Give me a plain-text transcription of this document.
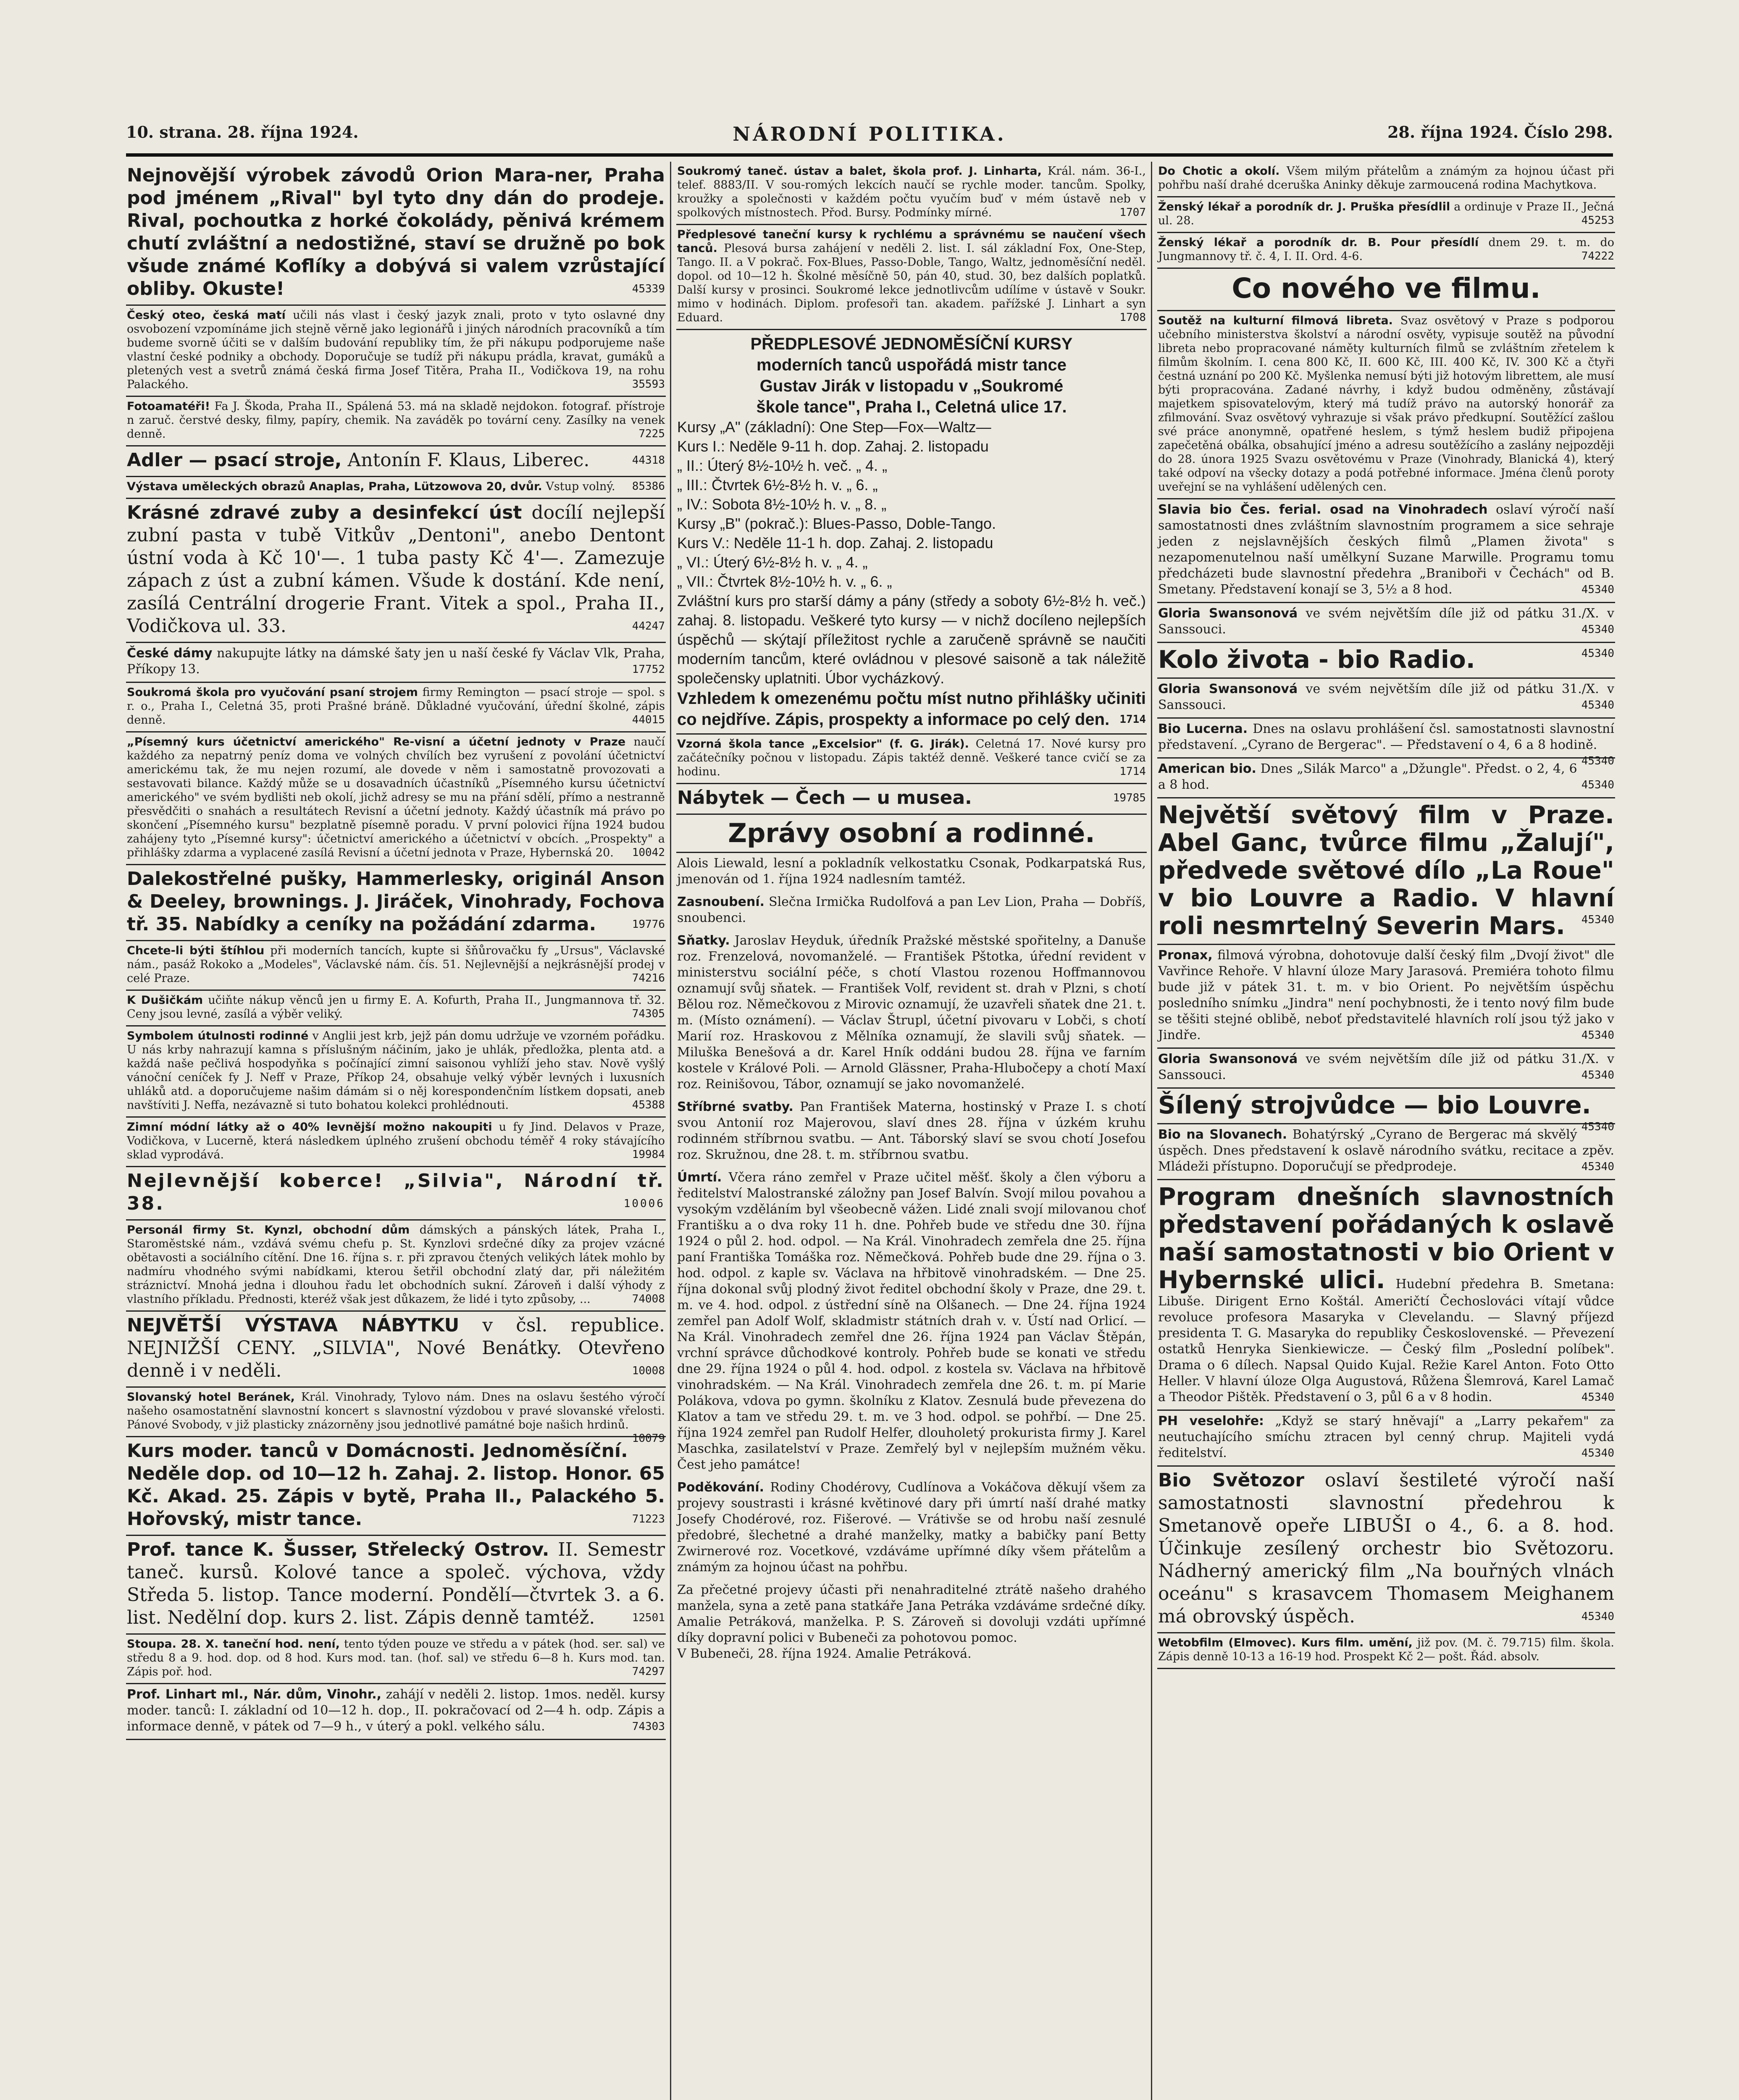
10. strana. 28. října 1924.	NÁRODNÍ POLITIKA.	28. října 1924. Číslo 298.
Nejnovější výrobek závodů Orion Mara-ner, Praha pod jménem „Rival" byl tyto dny dán do prodeje. Rival, pochoutka z horké čokolády, pěnivá krémem chutí zvláštní a nedostižné, staví se družně po bok všude známé Koflíky a dobývá si valem vzrůstající obliby. Okuste!	45339
Český oteo, česká matí učili nás vlast i český jazyk znali, proto v tyto oslavné dny osvobození vzpomínáme jich stejně věrně jako legionářů i jiných národních pracovníků a tím budeme svorně účiti se v dalším budování republiky tím, že při nákupu podporujeme naše vlastní české podniky a obchody. Doporučuje se tudíž při nákupu prádla, kravat, gumáků a pletených vest a svetrů známá česká firma Josef Titěra, Praha II., Vodičkova 19, na rohu Palackého.	35593
Fotoamatéři! Fa J. Škoda, Praha II., Spálená 53. má na skladě nejdokon. fotograf. přístroje n zaruč. čerstvé desky, filmy, papíry, chemik. Na zaváděk po tovární ceny. Zasílky na venek denně.	7225
Adler — psací stroje, Antonín F. Klaus, Liberec.	44318
Výstava uměleckých obrazů Anaplas, Praha, Lützowova 20, dvůr. Vstup volný.	85386
Krásné zdravé zuby a desinfekcí úst docílí nejlepší zubní pasta v tubě Vitkův „Dentoni", anebo Dentont ústní voda à Kč 10'—. 1 tuba pasty Kč 4'—. Zamezuje zápach z úst a zubní kámen. Všude k dostání. Kde není, zasílá Centrální drogerie Frant. Vitek a spol., Praha II., Vodičkova ul. 33.	44247
České dámy nakupujte látky na dámské šaty jen u naší české fy Václav Vlk, Praha, Příkopy 13.	17752
Soukromá škola pro vyučování psaní strojem firmy Remington — psací stroje — spol. s r. o., Praha I., Celetná 35, proti Prašné bráně. Důkladné vyučování, úřední školné, zápis denně.	44015
„Písemný kurs účetnictví amerického" Re-visní a účetní jednoty v Praze naučí každého za nepatrný peníz doma ve volných chvílích bez vyrušení z povolání účetnictví americkému tak, že mu nejen rozumí, ale dovede v něm i samostatně provozovati a sestavovati bilance. Každý může se u dosavadních účastníků „Písemného kursu účetnictví amerického" ve svém bydlišti neb okolí, jichž adresy se mu na přání sdělí, přímo a nestranně přesvědčiti o snahách a resultátech Revisní a účetní jednoty. Každý účastník má právo po skončení „Písemného kursu" bezplatně písemně poradu. V první polovici října 1924 budou zahájeny tyto „Písemné kursy": účetnictví amerického a účetnictví v obcích. „Prospekty" a přihlášky zdarma a vyplacené zasílá Revisní a účetní jednota v Praze, Hybernská 20.	10042
Dalekostřelné pušky, Hammerlesky, originál Anson & Deeley, brownings. J. Jiráček, Vinohrady, Fochova tř. 35. Nabídky a ceníky na požádání zdarma.	19776
Chcete-li býti štíhlou při moderních tancích, kupte si šňůrovačku fy „Ursus", Václavské nám., pasáž Rokoko a „Modeles", Václavské nám. čís. 51. Nejlevnější a nejkrásnější prodej v celé Praze.	74216
K Dušičkám učiňte nákup věnců jen u firmy E. A. Kofurth, Praha II., Jungmannova tř. 32. Ceny jsou levné, zasílá a výběr veliký.	74305
Symbolem útulnosti rodinné v Anglii jest krb, jejž pán domu udržuje ve vzorném pořádku. U nás krby nahrazují kamna s příslušným náčiním, jako je uhlák, předložka, plenta atd. a každá naše pečlivá hospodyňka s počínající zimní saisonou vyhlíží jeho stav. Nově vyšlý vánoční ceníček fy J. Neff v Praze, Příkop 24, obsahuje velký výběr levných i luxusních uhláků atd. a doporučujeme našim dámám si o něj korespondenčním lístkem dopsati, aneb navštíviti J. Neffa, nezávazně si tuto bohatou kolekci prohlédnouti.	45388
Zimní módní látky až o 40% levnější možno nakoupiti u fy Jind. Delavos v Praze, Vodičkova, v Lucerně, která následkem úplného zrušení obchodu téměř 4 roky stávajícího sklad vyprodává.	19984
Nejlevnější koberce! „Silvia", Národní tř. 38.	10006
Personál firmy St. Kynzl, obchodní dům dámských a pánských látek, Praha I., Staroměstské nám., vzdává svému chefu p. St. Kynzlovi srdečné díky za projev vzácné obětavosti a sociálního cítění. Dne 16. října s. r. při zpravou čtených velikých látek mohlo by nadmíru vhodného svými nabídkami, kterou šetřil obchodní zlatý dar, při náležitém stráznictví. Mnohá jedna i dlouhou řadu let obchodních sukní. Zároveň i další výhody z vlastního příkladu. Přednosti, kteréž však jest důkazem, že lidé i tyto způsoby, ...	74008
NEJVĚTŠÍ VÝSTAVA NÁBYTKU v čsl. republice. NEJNIŽŠÍ CENY. „SILVIA", Nové Benátky. Otevřeno denně i v neděli.	10008
Slovanský hotel Beránek, Král. Vinohrady, Tylovo nám. Dnes na oslavu šestého výročí našeho osamostatnění slavnostní koncert s slavnostní výzdobou v pravé slovanské vřelosti. Pánové Svobody, v již plasticky znázorněny jsou jednotlivé památné boje našich hrdinů.
10079
Kurs moder. tanců v Domácnosti. Jednoměsíční. Neděle dop. od 10—12 h. Zahaj. 2. listop. Honor. 65 Kč. Akad. 25. Zápis v bytě, Praha II., Palackého 5. Hořovský, mistr tance.	71223
Prof. tance K. Šusser, Střelecký Ostrov. II. Semestr taneč. kursů. Kolové tance a společ. výchova, vždy Středa 5. listop. Tance moderní. Pondělí—čtvrtek 3. a 6. list. Nedělní dop. kurs 2. list. Zápis denně tamtéž.	12501
Stoupa. 28. X. taneční hod. není, tento týden pouze ve středu a v pátek (hod. ser. sal) ve středu 8 a 9. hod. dop. od 8 hod. Kurs mod. tan. (hof. sal) ve středu 6—8 h. Kurs mod. tan. Zápis poř. hod.	74297
Prof. Linhart ml., Nár. dům, Vinohr., zahájí v neděli 2. listop. 1mos. neděl. kursy moder. tanců: I. základní od 10—12 h. dop., II. pokračovací od 2—4 h. odp. Zápis a informace denně, v pátek od 7—9 h., v úterý a pokl. velkého sálu.	74303
Soukromý taneč. ústav a balet, škola prof. J. Linharta, Král. nám. 36-I., telef. 8883/II. V sou-romých lekcích naučí se rychle moder. tancům. Spolky, kroužky a společnosti v každém počtu vyučím buď v mém ústavě neb v spolkových místnostech. Přod. Bursy. Podmínky mírné.	1707
Předplesové taneční kursy k rychlému a správnému se naučení všech tanců. Plesová bursa zahájení v neděli 2. list. I. sál základní Fox, One-Step, Tango. II. a V pokrač. Fox-Blues, Passo-Doble, Tango, Waltz, jednoměsíční neděl. dopol. od 10—12 h. Školné měsíčně 50, pán 40, stud. 30, bez dalších poplatků. Další kursy v prosinci. Soukromé lekce jednotlivcům udílíme v ústavě v Soukr. mimo v hodinách. Diplom. profesoři tan. akadem. pařížské J. Linhart a syn Eduard.	1708
PŘEDPLESOVÉ JEDNOMĚSÍČNÍ KURSY
moderních tanců uspořádá mistr tance
Gustav Jirák v listopadu v „Soukromé
škole tance", Praha I., Celetná ulice 17.
Kursy „A" (základní): One Step—Fox—Waltz—
Kurs I.: Neděle 9-11 h. dop. Zahaj. 2. listopadu
„ II.: Úterý 8½-10½ h. več. „ 4. „
„ III.: Čtvrtek 6½-8½ h. v. „ 6. „
„ IV.: Sobota 8½-10½ h. v. „ 8. „
Kursy „B" (pokrač.): Blues-Passo, Doble-Tango.
Kurs V.: Neděle 11-1 h. dop. Zahaj. 2. listopadu
„ VI.: Úterý 6½-8½ h. v. „ 4. „
„ VII.: Čtvrtek 8½-10½ h. v. „ 6. „
Zvláštní kurs pro starší dámy a pány (středy a soboty 6½-8½ h. več.) zahaj. 8. listopadu. Veškeré tyto kursy — v nichž docíleno nejlepších úspěchů — skýtají příležitost rychle a zaručeně správně se naučiti moderním tancům, které ovládnou v plesové saisoně a tak náležitě společensky uplatniti. Úbor vycházkový.
Vzhledem k omezenému počtu míst nutno přihlášky učiniti co nejdříve. Zápis, prospekty a informace po celý den. 1714
Vzorná škola tance „Excelsior" (f. G. Jirák). Celetná 17. Nové kursy pro začátečníky počnou v listopadu. Zápis taktéž denně. Veškeré tance cvičí se za hodinu.	1714
Nábytek — Čech — u musea.	19785
Zprávy osobní a rodinné.
Alois Liewald, lesní a pokladník velkostatku Csonak, Podkarpatská Rus, jmenován od 1. října 1924 nadlesním tamtéž.
Zasnoubení. Slečna Irmička Rudolfová a pan Lev Lion, Praha — Dobříš, snoubenci.
Sňatky. Jaroslav Heyduk, úředník Pražské městské spořitelny, a Danuše roz. Frenzelová, novomanželé. — František Pštotka, úřední revident v ministerstvu sociální péče, s chotí Vlastou rozenou Hoffmannovou oznamují svůj sňatek. — František Volf, revident st. drah v Plzni, s chotí Bělou roz. Němečkovou z Mirovic oznamují, že uzavřeli sňatek dne 21. t. m. (Místo oznámení). — Václav Štrupl, účetní pivovaru v Lobči, s chotí Marií roz. Hraskovou z Mělníka oznamují, že slavili svůj sňatek. — Miluška Benešová a dr. Karel Hník oddáni budou 28. října ve farním kostele v Králové Poli. — Arnold Glässner, Praha-Hlubočepy a chotí Maxí roz. Reinišovou, Tábor, oznamují se jako novomanželé.
Stříbrné svatby. Pan František Materna, hostinský v Praze I. s chotí svou Antonií roz Majerovou, slaví dnes 28. října v úzkém kruhu rodinném stříbrnou svatbu. — Ant. Táborský slaví se svou chotí Josefou roz. Skružnou, dne 28. t. m. stříbrnou svatbu.
Úmrtí. Včera ráno zemřel v Praze učitel měšť. školy a člen výboru a ředitelství Malostranské záložny pan Josef Balvín. Svojí milou povahou a vysokým vzděláním byl všeobecně vážen. Lidé znali svojí milovanou choť Františku a o dva roky 11 h. dne. Pohřeb bude ve středu dne 30. října 1924 o půl 2. hod. odpol. — Na Král. Vinohradech zemřela dne 25. října paní Františka Tomáška roz. Němečková. Pohřeb bude dne 29. října o 3. hod. odpol. z kaple sv. Václava na hřbitově vinohradském. — Dne 25. října dokonal svůj plodný život ředitel obchodní školy v Praze, dne 29. t. m. ve 4. hod. odpol. z ústřední síně na Olšanech. — Dne 24. října 1924 zemřel pan Adolf Wolf, skladmistr státních drah v. v. Ústí nad Orlicí. — Na Král. Vinohradech zemřel dne 26. října 1924 pan Václav Štěpán, vrchní správce důchodkové kontroly. Pohřeb bude se konati ve středu dne 29. října 1924 o půl 4. hod. odpol. z kostela sv. Václava na hřbitově vinohradském. — Na Král. Vinohradech zemřela dne 26. t. m. pí Marie Polákova, vdova po gymn. školníku z Klatov. Zesnulá bude převezena do Klatov a tam ve středu 29. t. m. ve 3 hod. odpol. se pohřbí. — Dne 25. října 1924 zemřel pan Rudolf Helfer, dlouholetý prokurista firmy J. Karel Maschka, zasilatelství v Praze. Zemřelý byl v nejlepším mužném věku. Čest jeho památce!
Poděkování. Rodiny Chodérovy, Cudlínova a Vokáčova děkují všem za projevy soustrasti i krásné květinové dary při úmrtí naší drahé matky Josefy Chodérové, roz. Fišerové. — Vrátivše se od hrobu naší zesnulé předobré, šlechetné a drahé manželky, matky a babičky paní Betty Zwirnerové roz. Vocetkové, vzdáváme upřímné díky všem přátelům a známým za hojnou účast na pohřbu.
Za přečetné projevy účasti při nenahraditelné ztrátě našeho drahého manžela, syna a zetě pana statkáře Jana Petráka vzdáváme srdečné díky. Amalie Petráková, manželka. P. S. Zároveň si dovoluji vzdáti upřímné díky dopravní polici v Bubeneči za pohotovou pomoc.
V Bubeneči, 28. října 1924. Amalie Petráková.
Do Chotic a okolí. Všem milým přátelům a známým za hojnou účast při pohřbu naší drahé dceruška Aninky děkuje zarmoucená rodina Machytkova.
Ženský lékař a porodník dr. J. Pruška přesídlil a ordinuje v Praze II., Ječná ul. 28.	45253
Ženský lékař a porodník dr. B. Pour přesídlí dnem 29. t. m. do Jungmannovy tř. č. 4, I. II. Ord. 4-6.	74222
Co nového ve filmu.
Soutěž na kulturní filmová libreta. Svaz osvětový v Praze s podporou učebního ministerstva školství a národní osvěty, vypisuje soutěž na původní libreta nebo propracované náměty kulturních filmů se zvláštním zřetelem k filmům školním. I. cena 800 Kč, II. 600 Kč, III. 400 Kč, IV. 300 Kč a čtyři čestná uznání po 200 Kč. Myšlenka nemusí býti již hotovým librettem, ale musí býti propracována. Zadané návrhy, i když budou odměněny, zůstávají majetkem spisovatelovým, který má tudíž právo na autorský honorář za zfilmování. Svaz osvětový vyhrazuje si však právo předkupní. Soutěžící zašlou své práce anonymně, opatřené heslem, s týmž heslem budiž připojena zapečetěná obálka, obsahující jméno a adresu soutěžícího a zaslány nejpozději do 28. února 1925 Svazu osvětovému v Praze (Vinohrady, Blanická 4), který také odpoví na všecky dotazy a podá potřebné informace. Jména členů poroty uveřejní se na vyhlášení udělených cen.
Slavia bio Čes. ferial. osad na Vinohradech oslaví výročí naší samostatnosti dnes zvláštním slavnostním programem a sice sehraje jeden z nejslavnějších českých filmů „Plamen života" s nezapomenutelnou naší umělkyní Suzane Marwille. Programu tomu předcházeti bude slavnostní předehra „Braniboři v Čechách" od B. Smetany. Představení konají se 3, 5½ a 8 hod.	45340
Gloria Swansonová ve svém největším díle již od pátku 31./X. v Sanssouci.	45340
Kolo života - bio Radio.	45340
Gloria Swansonová ve svém největším díle již od pátku 31./X. v Sanssouci.	45340
Bio Lucerna. Dnes na oslavu prohlášení čsl. samostatnosti slavnostní představení. „Cyrano de Bergerac". — Představení o 4, 6 a 8 hodině.
45340
American bio. Dnes „Silák Marco" a „Džungle". Předst. o 2, 4, 6 a 8 hod.	45340
Největší světový film v Praze. Abel Ganc, tvůrce filmu „Žalují", předvede světové dílo „La Roue" v bio Louvre a Radio. V hlavní roli nesmrtelný Severin Mars.	45340
Pronax, filmová výrobna, dohotovuje další český film „Dvojí život" dle Vavřince Rehoře. V hlavní úloze Mary Jarasová. Premiéra tohoto filmu bude již v pátek 31. t. m. v bio Orient. Po největším úspěchu posledního snímku „Jindra" není pochybnosti, že i tento nový film bude se těšiti stejné oblibě, neboť představitelé hlavních rolí jsou týž jako v Jindře.	45340
Gloria Swansonová ve svém největším díle již od pátku 31./X. v Sanssouci.	45340
Šílený strojvůdce — bio Louvre.
45340
Bio na Slovanech. Bohatýrský „Cyrano de Bergerac má skvělý úspěch. Dnes představení k oslavě národního svátku, recitace a zpěv. Mládeži přístupno. Doporučují se předprodeje.	45340
Program dnešních slavnostních představení pořádaných k oslavě naší samostatnosti v bio Orient v Hybernské ulici. Hudební předehra B. Smetana: Libuše. Dirigent Erno Koštál. Američtí Čechoslováci vítají vůdce revoluce profesora Masaryka v Clevelandu. — Slavný příjezd presidenta T. G. Masaryka do republiky Československé. — Převezení ostatků Henryka Sienkiewicze. — Český film „Poslední políbek". Drama o 6 dílech. Napsal Quido Kujal. Režie Karel Anton. Foto Otto Heller. V hlavní úloze Olga Augustová, Růžena Šlemrová, Karel Lamač a Theodor Pištěk. Představení o 3, půl 6 a v 8 hodin.	45340
PH veselohře: „Když se starý hněvají" a „Larry pekařem" za neutuchajícího smíchu ztracen byl cenný chrup. Majiteli vydá ředitelství.	45340
Bio Světozor oslaví šestileté výročí naší samostatnosti slavnostní předehrou k Smetanově opeře LIBUŠI o 4., 6. a 8. hod. Účinkuje zesílený orchestr bio Světozoru. Nádherný americký film „Na bouřných vlnách oceánu" s krasavcem Thomasem Meighanem má obrovský úspěch.	45340
Wetobfilm (Elmovec). Kurs film. umění, již pov. (M. č. 79.715) film. škola. Zápis denně 10-13 a 16-19 hod. Prospekt Kč 2— pošt. Řád. absolv.
